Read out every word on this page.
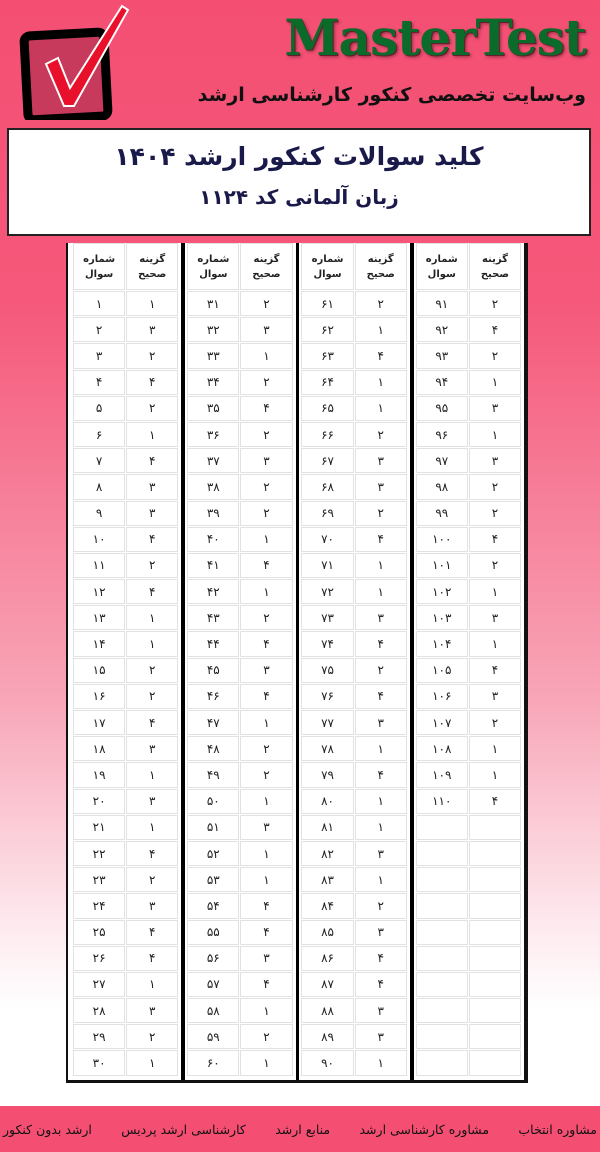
MasterTest
وب‌سایت تخصصی کنکور کارشناسی ارشد
کلید سوالات کنکور ارشد ۱۴۰۴
زبان آلمانی کد ۱۱۲۴
شماره سوال
گزینه صحیح
۱	۱
۲	۳
۳	۲
۴	۴
۵	۲
۶	۱
۷	۴
۸	۳
۹	۳
۱۰	۴
۱۱	۲
۱۲	۴
۱۳	۱
۱۴	۱
۱۵	۲
۱۶	۲
۱۷	۴
۱۸	۳
۱۹	۱
۲۰	۳
۲۱	۱
۲۲	۴
۲۳	۲
۲۴	۳
۲۵	۴
۲۶	۴
۲۷	۱
۲۸	۳
۲۹	۲
۳۰	۱
شماره سوال
گزینه صحیح
۳۱	۲
۳۲	۳
۳۳	۱
۳۴	۲
۳۵	۴
۳۶	۲
۳۷	۳
۳۸	۲
۳۹	۲
۴۰	۱
۴۱	۴
۴۲	۱
۴۳	۲
۴۴	۴
۴۵	۳
۴۶	۴
۴۷	۱
۴۸	۲
۴۹	۲
۵۰	۱
۵۱	۳
۵۲	۱
۵۳	۱
۵۴	۴
۵۵	۴
۵۶	۳
۵۷	۴
۵۸	۱
۵۹	۲
۶۰	۱
شماره سوال
گزینه صحیح
۶۱	۲
۶۲	۱
۶۳	۴
۶۴	۱
۶۵	۱
۶۶	۲
۶۷	۳
۶۸	۳
۶۹	۲
۷۰	۴
۷۱	۱
۷۲	۱
۷۳	۳
۷۴	۴
۷۵	۲
۷۶	۴
۷۷	۳
۷۸	۱
۷۹	۴
۸۰	۱
۸۱	۱
۸۲	۳
۸۳	۱
۸۴	۲
۸۵	۳
۸۶	۴
۸۷	۴
۸۸	۳
۸۹	۳
۹۰	۱
شماره سوال
گزینه صحیح
۹۱	۲
۹۲	۴
۹۳	۲
۹۴	۱
۹۵	۳
۹۶	۱
۹۷	۳
۹۸	۲
۹۹	۲
۱۰۰	۴
۱۰۱	۲
۱۰۲	۱
۱۰۳	۳
۱۰۴	۱
۱۰۵	۴
۱۰۶	۳
۱۰۷	۲
۱۰۸	۱
۱۰۹	۱
۱۱۰	۴
ارشد بدون کنکور کارشناسی ارشد پردیس منابع ارشد مشاوره کارشناسی ارشد مشاوره انتخاب
